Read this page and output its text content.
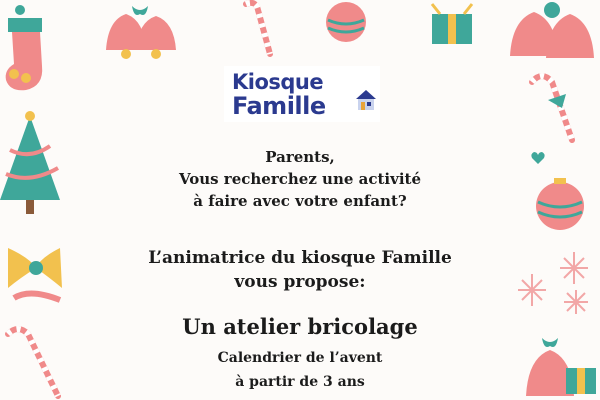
Kiosque
Famille
Parents,
Vous recherchez une activité
à faire avec votre enfant?
L’animatrice du kiosque Famille
vous propose:
Un atelier bricolage
Calendrier de l’avent
à partir de 3 ans
